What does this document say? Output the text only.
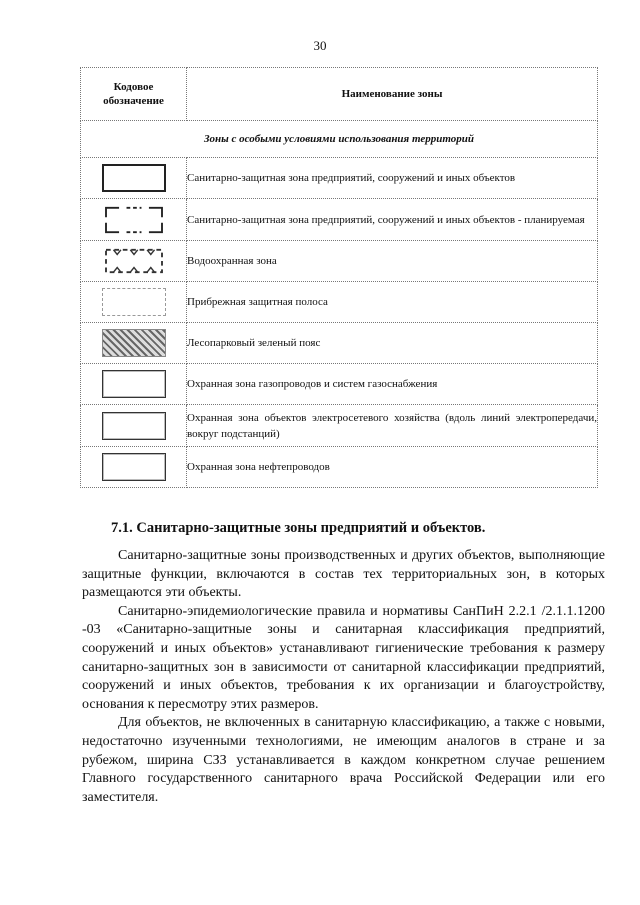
30
Кодовое
обозначение	Наименование зоны
Зоны с особыми условиями использования территорий	
	Санитарно-защитная зона предприятий, сооружений и иных объектов
	Санитарно-защитная зона предприятий, сооружений и иных объектов - планируемая
	Водоохранная зона
	Прибрежная защитная полоса
	Лесопарковый зеленый пояс
	Охранная зона газопроводов и систем газоснабжения
	Охранная зона объектов электросетевого хозяйства (вдоль линий электропередачи, вокруг подстанций)
	Охранная зона нефтепроводов
7.1. Санитарно-защитные зоны предприятий и объектов.

Санитарно-защитные зоны производственных и других объектов, выполняющие защитные функции, включаются в состав тех территориальных зон, в которых размещаются эти объекты.

Санитарно-эпидемиологические правила и нормативы СанПиН 2.2.1 /2.1.1.1200 -03 «Санитарно-защитные зоны и санитарная классификация предприятий, сооружений и иных объектов» устанавливают гигиенические требования к размеру санитарно-защитных зон в зависимости от санитарной классификации предприятий, сооружений и иных объектов, требования к их организации и благоустройству, основания к пересмотру этих размеров.

Для объектов, не включенных в санитарную классификацию, а также с новыми, недостаточно изученными технологиями, не имеющим аналогов в стране и за рубежом, ширина СЗЗ устанавливается в каждом конкретном случае решением Главного государственного санитарного врача Российской Федерации или его заместителя.
